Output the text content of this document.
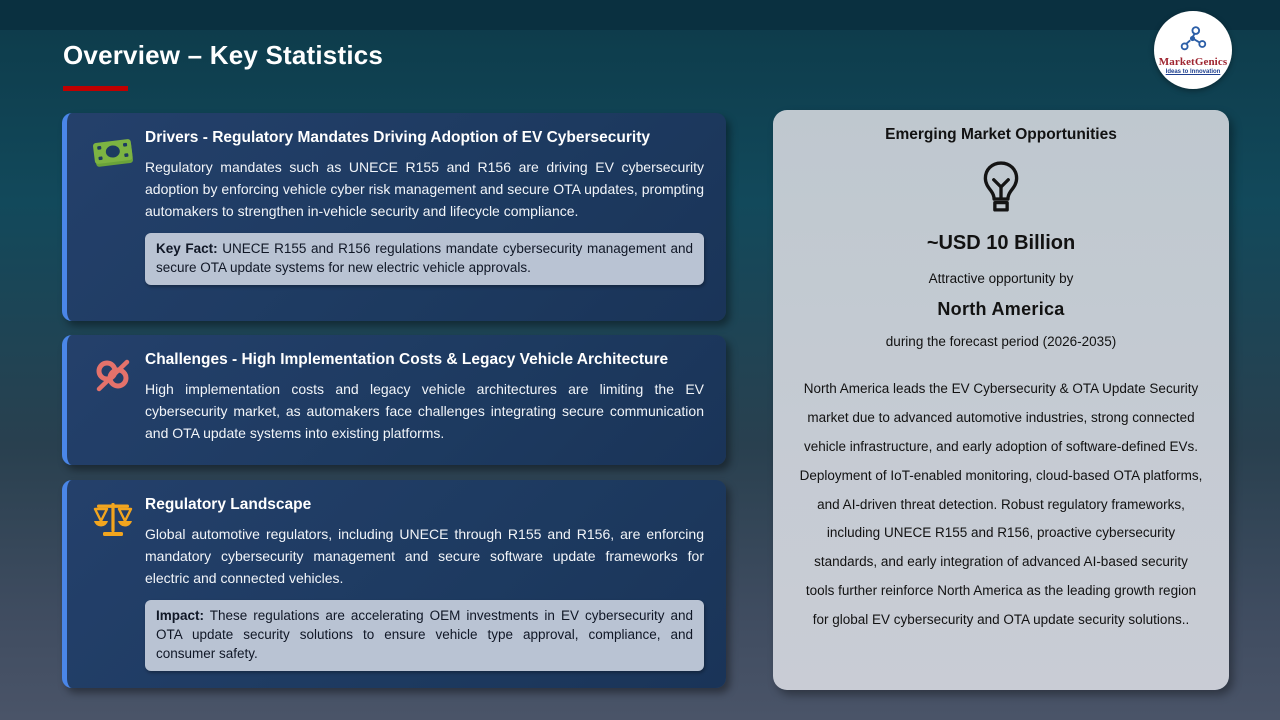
Overview – Key Statistics	MarketGenics
Ideas to Innovation
Drivers - Regulatory Mandates Driving Adoption of EV Cybersecurity
Regulatory mandates such as UNECE R155 and R156 are driving EV cybersecurity adoption by enforcing vehicle cyber risk management and secure OTA updates, prompting automakers to strengthen in-vehicle security and lifecycle compliance.
Key Fact: UNECE R155 and R156 regulations mandate cybersecurity management and secure OTA update systems for new electric vehicle approvals.
Challenges - High Implementation Costs & Legacy Vehicle Architecture
High implementation costs and legacy vehicle architectures are limiting the EV cybersecurity market, as automakers face challenges integrating secure communication and OTA update systems into existing platforms.
Regulatory Landscape
Global automotive regulators, including UNECE through R155 and R156, are enforcing mandatory cybersecurity management and secure software update frameworks for electric and connected vehicles.
Impact: These regulations are accelerating OEM investments in EV cybersecurity and OTA update security solutions to ensure vehicle type approval, compliance, and consumer safety.
Emerging Market Opportunities
~USD 10 Billion
Attractive opportunity by
North America
during the forecast period (2026-2035)
North America leads the EV Cybersecurity & OTA Update Security market due to advanced automotive industries, strong connected vehicle infrastructure, and early adoption of software-defined EVs. Deployment of IoT-enabled monitoring, cloud-based OTA platforms, and AI-driven threat detection. Robust regulatory frameworks, including UNECE R155 and R156, proactive cybersecurity standards, and early integration of advanced AI-based security tools further reinforce North America as the leading growth region for global EV cybersecurity and OTA update security solutions..
